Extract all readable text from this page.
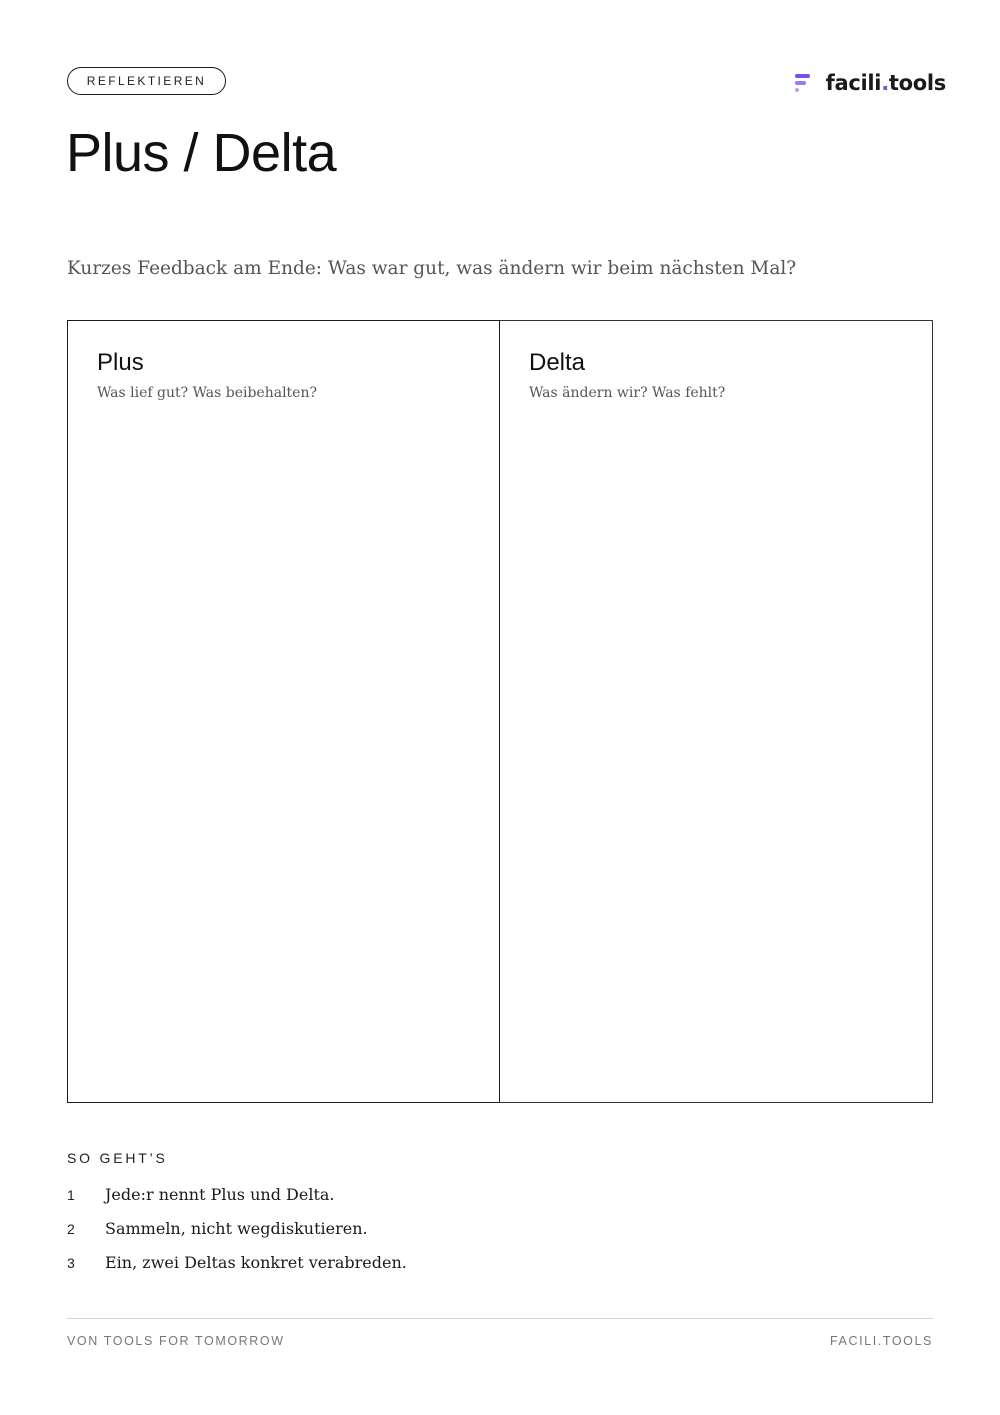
REFLEKTIEREN	facili.tools
Plus / Delta

Kurzes Feedback am Ende: Was war gut, was ändern wir beim nächsten Mal?

Plus
Was lief gut? Was beibehalten?
Delta
Was ändern wir? Was fehlt?
SO GEHT’S
1	Jede:r nennt Plus und Delta.
2	Sammeln, nicht wegdiskutieren.
3	Ein, zwei Deltas konkret verabreden.
VON TOOLS FOR TOMORROW	FACILI.TOOLS
